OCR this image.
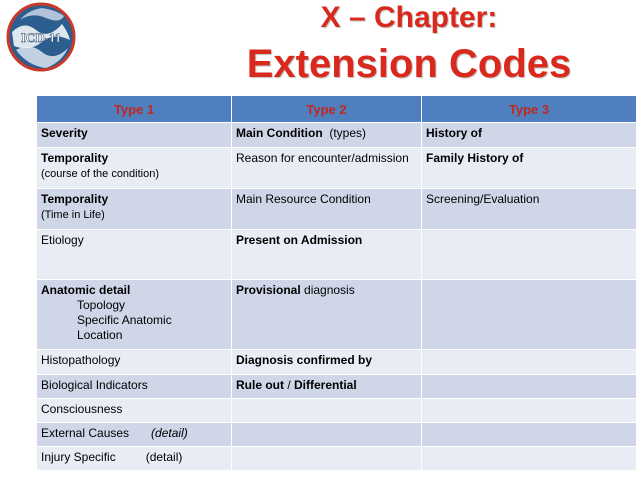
ICD-11
X – Chapter:
Extension Codes
Type 1	Type 2	Type 3
Severity	Main Condition  (types)	History of
Temporality
(course of the condition)	Reason for encounter/admission	Family History of
Temporality
(Time in Life)	Main Resource Condition	Screening/Evaluation
Etiology	Present on Admission	
Anatomic detail
Topology
Specific Anatomic
Location	Provisional diagnosis	
Histopathology	Diagnosis confirmed by	
Biological Indicators	Rule out / Differential	
Consciousness		
External Causes (detail)		
Injury Specific (detail)		
